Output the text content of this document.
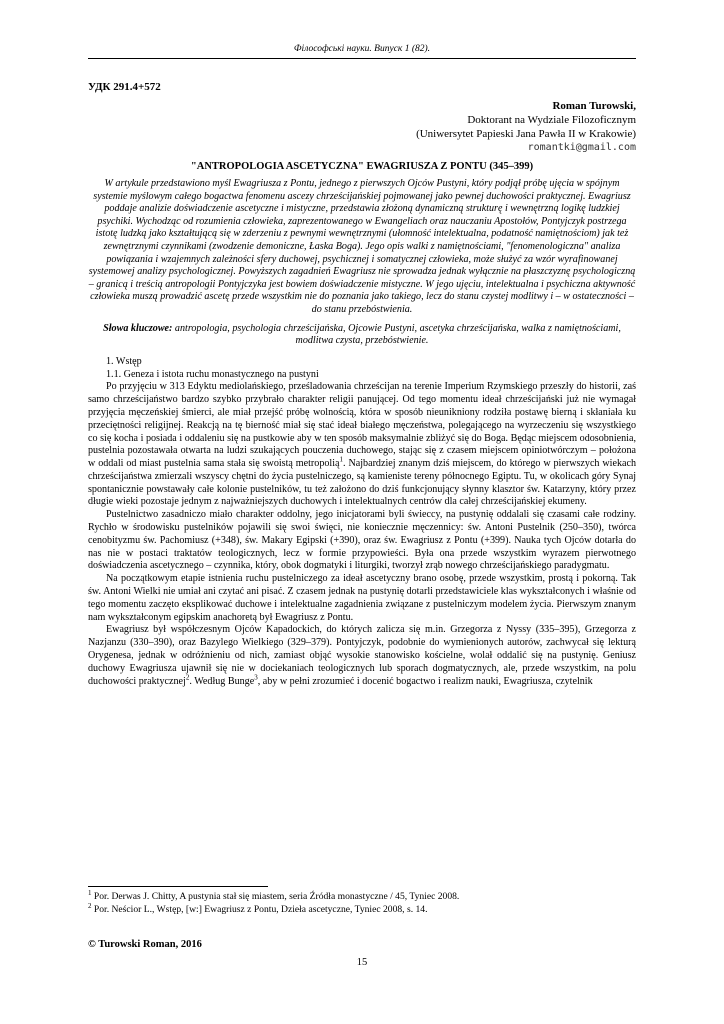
Філософські науки. Випуск 1 (82).
УДК 291.4+572
Roman Turowski,
Doktorant na Wydziale Filozoficznym
(Uniwersytet Papieski Jana Pawła II w Krakowie)
romantki@gmail.com
"ANTROPOLOGIA ASCETYCZNA" EWAGRIUSZA Z PONTU (345–399)
W artykule przedstawiono myśl Ewagriusza z Pontu, jednego z pierwszych Ojców Pustyni, który podjął próbę ujęcia w spójnym systemie myślowym całego bogactwa fenomenu ascezy chrześcijańskiej pojmowanej jako pewnej duchowości praktycznej. Ewagriusz poddaje analizie doświadczenie ascetyczne i mistyczne, przedstawia złożoną dynamiczną strukturę i wewnętrzną logikę ludzkiej psychiki. Wychodząc od rozumienia człowieka, zaprezentowanego w Ewangeliach oraz nauczaniu Apostołów, Pontyjczyk postrzega istotę ludzką jako kształtującą się w zderzeniu z pewnymi wewnętrznymi (ułomność intelektualna, podatność namiętnościom) jak też zewnętrznymi czynnikami (zwodzenie demoniczne, Łaska Boga). Jego opis walki z namiętnościami, "fenomenologiczna" analiza powiązania i wzajemnych zależności sfery duchowej, psychicznej i somatycznej człowieka, może służyć za wzór wyrafinowanej systemowej analizy psychologicznej. Powyższych zagadnień Ewagriusz nie sprowadza jednak wyłącznie na płaszczyznę psychologiczną – granicą i treścią antropologii Pontyjczyka jest bowiem doświadczenie mistyczne. W jego ujęciu, intelektualna i psychiczna aktywność człowieka muszą prowadzić ascetę przede wszystkim nie do poznania jako takiego, lecz do stanu czystej modlitwy i – w ostateczności – do stanu przebóstwienia.
Słowa kluczowe: antropologia, psychologia chrześcijańska, Ojcowie Pustyni, ascetyka chrześcijańska, walka z namiętnościami, modlitwa czysta, przebóstwienie.
1. Wstęp
1.1. Geneza i istota ruchu monastycznego na pustyni

Po przyjęciu w 313 Edyktu mediolańskiego, prześladowania chrześcijan na terenie Imperium Rzymskiego przeszły do historii, zaś samo chrześcijaństwo bardzo szybko przybrało charakter religii panującej. Od tego momentu ideał chrześcijański już nie wymagał przyjęcia męczeńskiej śmierci, ale miał przejść próbę wolnością, która w sposób nieunikniony rodziła postawę bierną i skłaniała ku przeciętności religijnej. Reakcją na tę bierność miał się stać ideał białego męczeństwa, polegającego na wyrzeczeniu się wszystkiego co się kocha i posiada i oddaleniu się na pustkowie aby w ten sposób maksymalnie zbliżyć się do Boga. Będąc miejscem odosobnienia, pustelnia pozostawała otwarta na ludzi szukających pouczenia duchowego, stając się z czasem miejscem opiniotwórczym – położona w oddali od miast pustelnia sama stała się swoistą metropolią$^1$. Najbardziej znanym dziś miejscem, do którego w pierwszych wiekach chrześcijaństwa zmierzali wszyscy chętni do życia pustelniczego, są kamieniste tereny północnego Egiptu. Tu, w okolicach góry Synaj spontanicznie powstawały całe kolonie pustelników, tu też założono do dziś funkcjonujący słynny klasztor św. Katarzyny, który przez długie wieki pozostaje jednym z najważniejszych duchowych i intelektualnych centrów dla całej chrześcijańskiej ekumeny.

Pustelnictwo zasadniczo miało charakter oddolny, jego inicjatorami byli świeccy, na pustynię oddalali się czasami całe rodziny. Rychło w środowisku pustelników pojawili się swoi święci, nie koniecznie męczennicy: św. Antoni Pustelnik (250–350), twórca cenobityzmu św. Pachomiusz (+348), św. Makary Egipski (+390), oraz św. Ewagriusz z Pontu (+399). Nauka tych Ojców dotarła do nas nie w postaci traktatów teologicznych, lecz w formie przypowieści. Była ona przede wszystkim wyrazem pierwotnego doświadczenia ascetycznego – czynnika, który, obok dogmatyki i liturgiki, tworzył zrąb nowego chrześcijańskiego paradygmatu.

Na początkowym etapie istnienia ruchu pustelniczego za ideał ascetyczny brano osobę, przede wszystkim, prostą i pokorną. Tak św. Antoni Wielki nie umiał ani czytać ani pisać. Z czasem jednak na pustynię dotarli przedstawiciele klas wykształconych i właśnie od tego momentu zaczęto eksplikować duchowe i intelektualne zagadnienia związane z pustelniczym modelem życia. Pierwszym znanym nam wykształconym egipskim anachoretą był Ewagriusz z Pontu.

Ewagriusz był współczesnym Ojców Kapadockich, do których zalicza się m.in. Grzegorza z Nyssy (335–395), Grzegorza z Nazjanzu (330–390), oraz Bazylego Wielkiego (329–379). Pontyjczyk, podobnie do wymienionych autorów, zachwycał się lekturą Orygenesa, jednak w odróżnieniu od nich, zamiast objąć wysokie stanowisko kościelne, wolał oddalić się na pustynię. Geniusz duchowy Ewagriusza ujawnił się nie w dociekaniach teologicznych lub sporach dogmatycznych, ale, przede wszystkim, na polu duchowości praktycznej$^2$. Według Bunge$^3$, aby w pełni zrozumieć i docenić bogactwo i realizm nauki, Ewagriusza, czytelnik

$^1$ Por. Derwas J. Chitty, A pustynia stał się miastem, seria Źródła monastyczne / 45, Tyniec 2008.
$^2$ Por. Neścior L., Wstęp, [w:] Ewagriusz z Pontu, Dzieła ascetyczne, Tyniec 2008, s. 14.
© Turowski Roman, 2016
15
